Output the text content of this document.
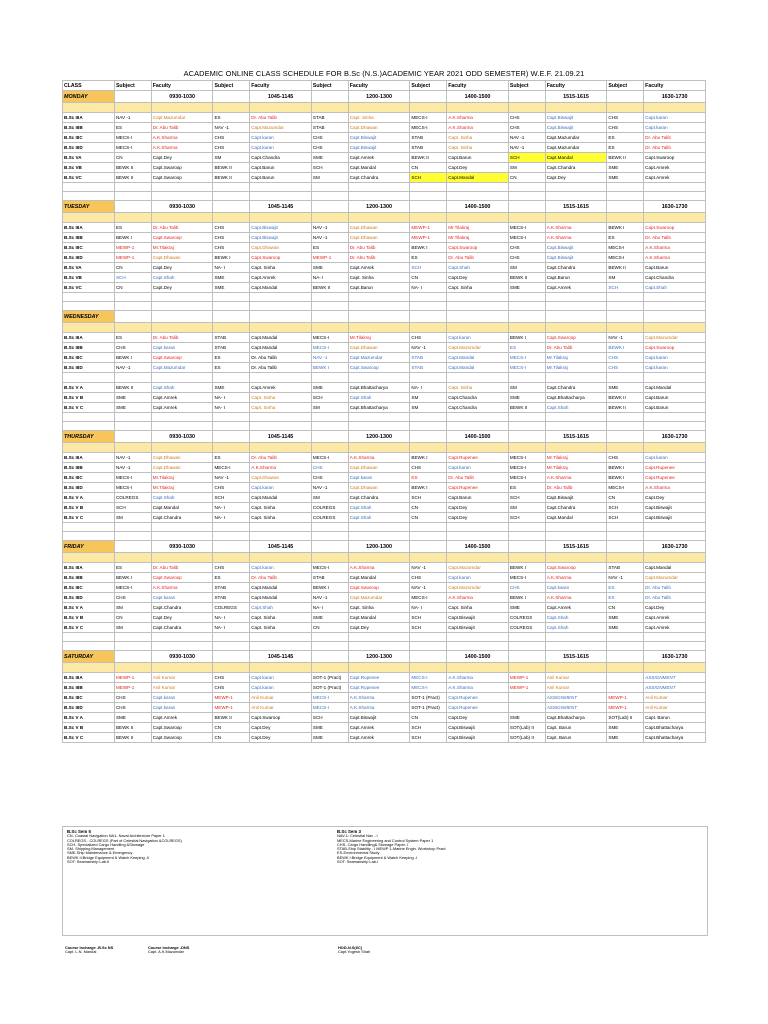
ACADEMIC ONLINE CLASS SCHEDULE FOR B.Sc (N.S.)ACADEMIC YEAR 2021 ODD SEMESTER) W.E.F. 21.09.21
CLASS	Subject	Faculty	Subject	Faculty	Subject	Faculty	Subject	Faculty	Subject	Faculty	Subject	Faculty
MONDAY		0930-1030		1045-1145		1200-1300		1400-1500		1515-1615		1630-1730

B.Sc IIIA	NAV -1	Capt.Mazumdar	ES	Dr. Abu Talib	STAB	Capt. Sinha	MECS-I	A.K.Sharma	CHS	Capt.Biswajit	CHS	Capt.karan
B.Sc IIIB	ES	Dr. Abu Talib	NAV -1	Capt.Mazumdar	STAB	Capt.Dhawan	MECS-I	A.K.Sharma	CHS	Capt.Biswajit	CHS	Capt.karan
B.Sc IIIC	MECS-I	A.K.Sharma	CHS	Capt.karan	CHS	Capt.Biswajit	STAB	Capt. Sinha	NAV -1	Capt.Mazumdar	ES	Dr. Abu Talib
B.Sc IIID	MECS-I	A.K.Sharma	CHS	Capt.karan	CHS	Capt.Biswajit	STAB	Capt. Sinha	NAV -1	Capt.Mazumdar	ES	Dr. Abu Talib
B.Sc VA	CN	Capt.Dey	SM	Capt.Chandra	SME	Capt.Amrek	BEWK II	Capt.Barun	SCH	Capt.Mandal	BEWK II	Capt.Swaroop
B.Sc VB	BEWK II	Capt.Swaroop	BEWK II	Capt.Barun	SCH	Capt.Mandal	CN	Capt.Dey	SM	Capt.Chandra	SME	Capt.Amrek
B.Sc VC	BEWK II	Capt.Swaroop	BEWK II	Capt.Barun	SM	Capt.Chandra	SCH	Capt.Mandal	CN	Capt.Dey	SME	Capt.Amrek

TUESDAY		0930-1030		1045-1145		1200-1300		1400-1500		1515-1615		1630-1730

B.Sc IIIA	ES	Dr. Abu Talib	CHS	Capt.Biswajit	NAV -1	Capt.Dhawan	MEWP-1	Mr.Tilakraj	MECS-I	A.K.Sharma	BEWK I	Capt.Swaroop
B.Sc IIIB	BEWK I	Capt.Swaroop	CHS	Capt.Biswajit	NAV -1	Capt.Dhawan	MEWP-1	Mr.Tilakraj	MECS-I	A.K.Sharma	ES	Dr. Abu Talib
B.Sc IIIC	MEWP-1	Mr.Tilakraj	CHS	Capt.Dhawan	ES	Dr. Abu Talib	BEWK I	Capt.Swaroop	CHS	Capt.Biswajit	MECS-I	A.K.Sharma
B.Sc IIID	MEWP-1	Capt.Dhawan	BEWK I	Capt.Swaroop	MEWP-1	Dr. Abu Talib	ES	Dr. Abu Talib	CHS	Capt.Biswajit	MECS-I	A.K.Sharma
B.Sc VA	CN	Capt.Dey	NA- I	Capt. Sinha	SME	Capt.Amrek	SCH	Capt.Shah	SM	Capt.Chandra	BEWK II	Capt.Barun
B.Sc VB	SCH	Capt.Shah	SME	Capt.Amrek	NA- I	Capt. Sinha	CN	Capt.Dey	BEWK II	Capt.Barun	SM	Capt.Chandra
B.Sc VC	CN	Capt.Dey	SME	Capt.Mandal	BEWK II	Capt.Barun	NA- I	Capt. Sinha	SME	Capt.Amrek	SCH	Capt.Shah

WEDNESDAY												

B.Sc IIIA	ES	Dr. Abu Talib	STAB	Capt.Mandal	MECS-I	Mr.Tilakraj	CHS	Capt.karan	BEWK I	Capt.Swaroop	NAV -1	Capt.Mazumdar
B.Sc IIIB	CHS	Capt.karan	STAB	Capt.Mandal	MECS-I	Capt.Dhawan	NAV -1	Capt.Mazumdar	ES	Dr. Abu Talib	BEWK I	Capt.Swaroop
B.Sc IIIC	BEWK I	Capt.Swaroop	ES	Dr. Abu Talib	NAV -1	Capt.Mazumdar	STAB	Capt.Mandal	MECS-I	Mr.Tilakraj	CHS	Capt.karan
B.Sc IIID	NAV -1	Capt.Mazumdar	ES	Dr. Abu Talib	BEWK I	Capt.Swaroop	STAB	Capt.Mandal	MECS-I	Mr.Tilakraj	CHS	Capt.karan

B.Sc V A	BEWK II	Capt.Shah	SME	Capt.Amrek	SME	Capt.Bhattacharya	NA- I	Capt. Sinha	SM	Capt.Chandra	SME	Capt.Mandal
B.Sc V B	SME	Capt.Amrek	NA- I	Capt. Sinha	SCH	Capt.Shah	SM	Capt.Chandra	SME	Capt.Bhattacharya	BEWK II	Capt.Barun
B.Sc V C	SME	Capt.Amrek	NA- I	Capt. Sinha	SM	Capt.Bhattacharya	SM	Capt.Chandra	BEWK II	Capt.Shah	BEWK II	Capt.Barun

THURSDAY		0930-1030		1045-1145		1200-1300		1400-1500		1515-1615		1630-1730

B.Sc IIIA	NAV -1	Capt.Dhawan	ES	Dr. Abu Talib	MECS-I	A.K.Sharma	BEWK I	Capt.Rupenee	MECS-I	Mr.Tilakraj	CHS	Capt.karan
B.Sc IIIB	NAV -1	Capt.Dhawan	MECS-I	A.K.Sharma	CHS	Capt.Dhawan	CHS	Capt.karan	MECS-I	Mr.Tilakraj	BEWK I	Capt.Rupenee
B.Sc IIIC	MECS-I	Mr.Tilakraj	NAV -1	Capt.Dhawan	CHS	Capt.karan	ES	Dr. Abu Talib	MECS-I	A.K.Sharma	BEWK I	Capt.Rupenee
B.Sc IIID	MECS-I	Mr.Tilakraj	CHS	Capt.karan	NAV -1	Capt.Dhawan	BEWK I	Capt.Rupenee	ES	Dr. Abu Talib	MECS-I	A.K.Sharma
B.Sc V A	COLREGS	Capt.Shah	SCH	Capt.Mandal	SM	Capt.Chandra	SCH	Capt.Barun	SCH	Capt.Biswajit	CN	Capt.Dey
B.Sc V B	SCH	Capt.Mandal	NA- I	Capt. Sinha	COLREGS	Capt.Shah	CN	Capt.Dey	SM	Capt.Chandra	SCH	Capt.Biswajit
B.Sc V C	SM	Capt.Chandra	NA- I	Capt. Sinha	COLREGS	Capt.Shah	CN	Capt.Dey	SCH	Capt.Mandal	SCH	Capt.Biswajit

FRIDAY		0930-1030		1045-1145		1200-1300		1400-1500		1515-1615		1630-1730

B.Sc IIIA	ES	Dr. Abu Talib	CHS	Capt.karan	MECS-I	A.K.Sharma	NAV -1	Capt.Mazumdar	BEWK I	Capt.Swaroop	STAB	Capt.Mandal
B.Sc IIIB	BEWK I	Capt.Swaroop	ES	Dr. Abu Talib	STAB	Capt.Mandal	CHS	Capt.karan	MECS-I	A.K.Sharma	NAV -1	Capt.Mazumdar
B.Sc IIIC	MECS-I	A.K.Sharma	STAB	Capt.Mandal	BEWK I	Capt.Swaroop	NAV -1	Capt.Mazumdar	CHS	Capt.karan	ES	Dr. Abu Talib
B.Sc IIID	CHS	Capt.karan	STAB	Capt.Mandal	NAV -1	Capt.Mazumdar	MECS-I	A.K.Sharma	BEWK I	A.K.Sharma	ES	Dr. Abu Talib
B.Sc V A	SM	Capt.Chandra	COLREGS	Capt.Shah	NA- I	Capt. Sinha	NA- I	Capt. Sinha	SME	Capt.Amrek	CN	Capt.Dey
B.Sc V B	CN	Capt.Dey	NA- I	Capt. Sinha	SME	Capt.Mandal	SCH	Capt.Biswajit	COLREGS	Capt.Shah	SME	Capt.Amrek
B.Sc V C	SM	Capt.Chandra	NA- I	Capt. Sinha	CN	Capt.Dey	SCH	Capt.Biswajit	COLREGS	Capt.Shah	SME	Capt.Amrek

SATURDAY		0930-1030		1045-1145		1200-1300		1400-1500		1515-1615		1630-1730

B.Sc IIIA	MEWP-1	Anil Kumar	CHS	Capt.karan	SOT-1 (Pract)	Capt.Rupenee	MECS-I	A.K.Sharma	MEWP-1	Anil Kumar		ASSIGNMENT
B.Sc IIIB	MEWP-1	Anil Kumar	CHS	Capt.karan	SOT-1 (Pract)	Capt.Rupenee	MECS-I	A.K.Sharma	MEWP-1	Anil Kumar		ASSIGNMENT
B.Sc IIIC	CHS	Capt.karan	MEWP-1	Anil Kumar	MECS-I	A.K.Sharma	SOT-1 (Pract)	Capt.Rupenee		ASSIGNMENT	MEWP-1	Anil Kumar
B.Sc IIID	CHS	Capt.karan	MEWP-1	Anil Kumar	MECS-I	A.K.Sharma	SOT-1 (Pract)	Capt.Rupenee		ASSIGNMENT	MEWP-1	Anil Kumar
B.Sc V A	SME	Capt.Amrek	BEWK II	Capt.Swaroop	SCH	Capt.Biswajit	CN	Capt.Dey	SME	Capt.Bhattacharya	SOT(Lab) II	Capt. Barun
B.Sc V B	BEWK II	Capt.Swaroop	CN	Capt.Dey	SME	Capt.Amrek	SCH	Capt.Biswajit	SOT(Lab) II	Capt. Barun	SME	Capt.Bhattacharya
B.Sc V C	BEWK II	Capt.Swaroop	CN	Capt.Dey	SME	Capt.Amrek	SCH	Capt.Biswajit	SOT(Lab) II	Capt. Barun	SME	Capt.Bhattacharya
B.Sc Sem 5
CN- Coastal Navigation NA1- Naval Architecture Paper 1
COLREGS - COLREGS (Part of Celestial Navigation &COLREGS)
SCH- Specialized Cargo Handling &Stowage
SM- Shipping Management
SME-Ship Maintenance & Emergency
BEWK II:Bridge Equipment & Watch Keeping -II
SOT: Seamanship Lab-II
B.Sc Sem 3
NAV-1: Celestial Nav - I
MECS-Marine Engineering and Control System Paper 1
CHS- Cargo Handling& Stowage Paper- I
STAB-Ship Stability - I MEWP 1-Marine Engin. Workshop Pract
ES-Environmental Study
BEWK I:Bridge Equipment & Watch Keeping -I
SOT: Seamanship Lab-I
Course Incharge -B.Sc NS
Capt. L.N. Mandal
Course Incharge -DNS
Capt. A.K.Mazumdar
HOD-N.S(I/C)
Capt.Yogesh Shah
